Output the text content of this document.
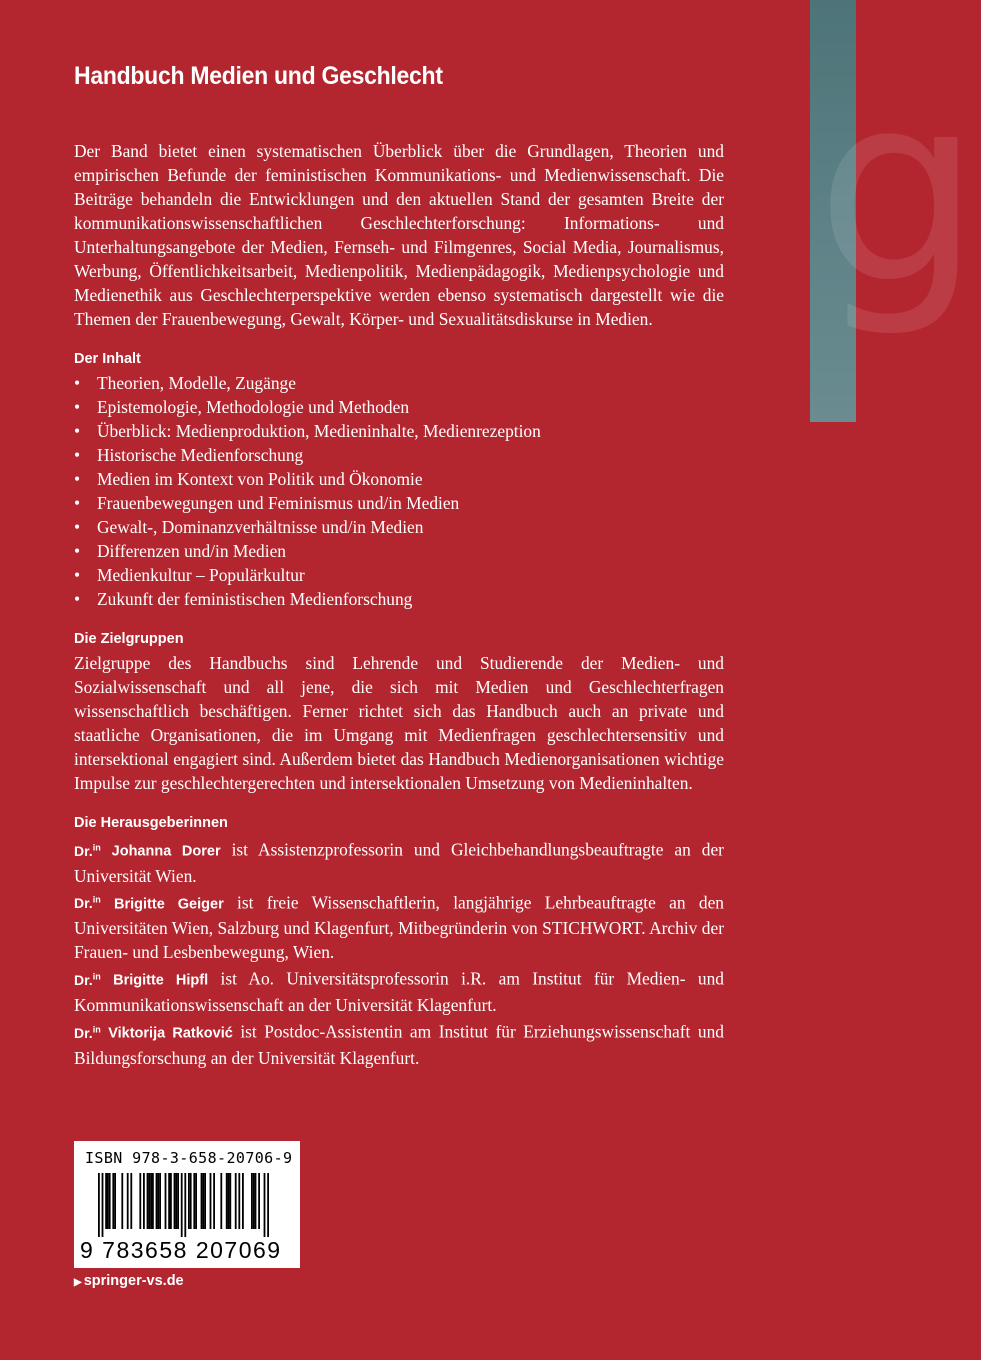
g
Handbuch Medien und Geschlecht

Der Band bietet einen systematischen Überblick über die Grundlagen, Theorien und empirischen Befunde der feministischen Kommunikations- und Medienwissenschaft. Die Beiträge behandeln die Entwicklungen und den aktuellen Stand der gesamten Breite der kommunikationswissenschaftlichen Geschlechterforschung: Informations- und Unterhaltungsangebote der Medien, Fernseh- und Filmgenres, Social Media, Journalismus, Werbung, Öffentlichkeitsarbeit, Medienpolitik, Medienpädagogik, Medienpsychologie und Medienethik aus Geschlechterperspektive werden ebenso systematisch dargestellt wie die Themen der Frauenbewegung, Gewalt, Körper- und Sexualitätsdiskurse in Medien.

Der Inhalt
• Theorien, Modelle, Zugänge
• Epistemologie, Methodologie und Methoden
• Überblick: Medienproduktion, Medieninhalte, Medienrezeption
• Historische Medienforschung
• Medien im Kontext von Politik und Ökonomie
• Frauenbewegungen und Feminismus und/in Medien
• Gewalt-, Dominanzverhältnisse und/in Medien
• Differenzen und/in Medien
• Medienkultur – Populärkultur
• Zukunft der feministischen Medienforschung
Die Zielgruppen

Zielgruppe des Handbuchs sind Lehrende und Studierende der Medien- und Sozialwissenschaft und all jene, die sich mit Medien und Geschlechterfragen wissenschaftlich beschäftigen. Ferner richtet sich das Handbuch auch an private und staatliche Organisationen, die im Umgang mit Medienfragen geschlechtersensitiv und intersektional engagiert sind. Außerdem bietet das Handbuch Medienorganisationen wichtige Impulse zur geschlechtergerechten und intersektionalen Umsetzung von Medieninhalten.

Die Herausgeberinnen

Dr.$^{in}$ Johanna Dorer ist Assistenzprofessorin und Gleichbehandlungsbeauftragte an der Universität Wien.

Dr.$^{in}$ Brigitte Geiger ist freie Wissenschaftlerin, langjährige Lehrbeauftragte an den Universitäten Wien, Salzburg und Klagenfurt, Mitbegründerin von STICHWORT. Archiv der Frauen- und Lesbenbewegung, Wien.

Dr.$^{in}$ Brigitte Hipfl ist Ao. Universitätsprofessorin i.R. am Institut für Medien- und Kommunikationswissenschaft an der Universität Klagenfurt.

Dr.$^{in}$ Viktorija Ratković ist Postdoc-Assistentin am Institut für Erziehungswissenschaft und Bildungsforschung an der Universität Klagenfurt.

ISBN 978-3-658-20706-9
9 783658 207069
▶ springer-vs.de
